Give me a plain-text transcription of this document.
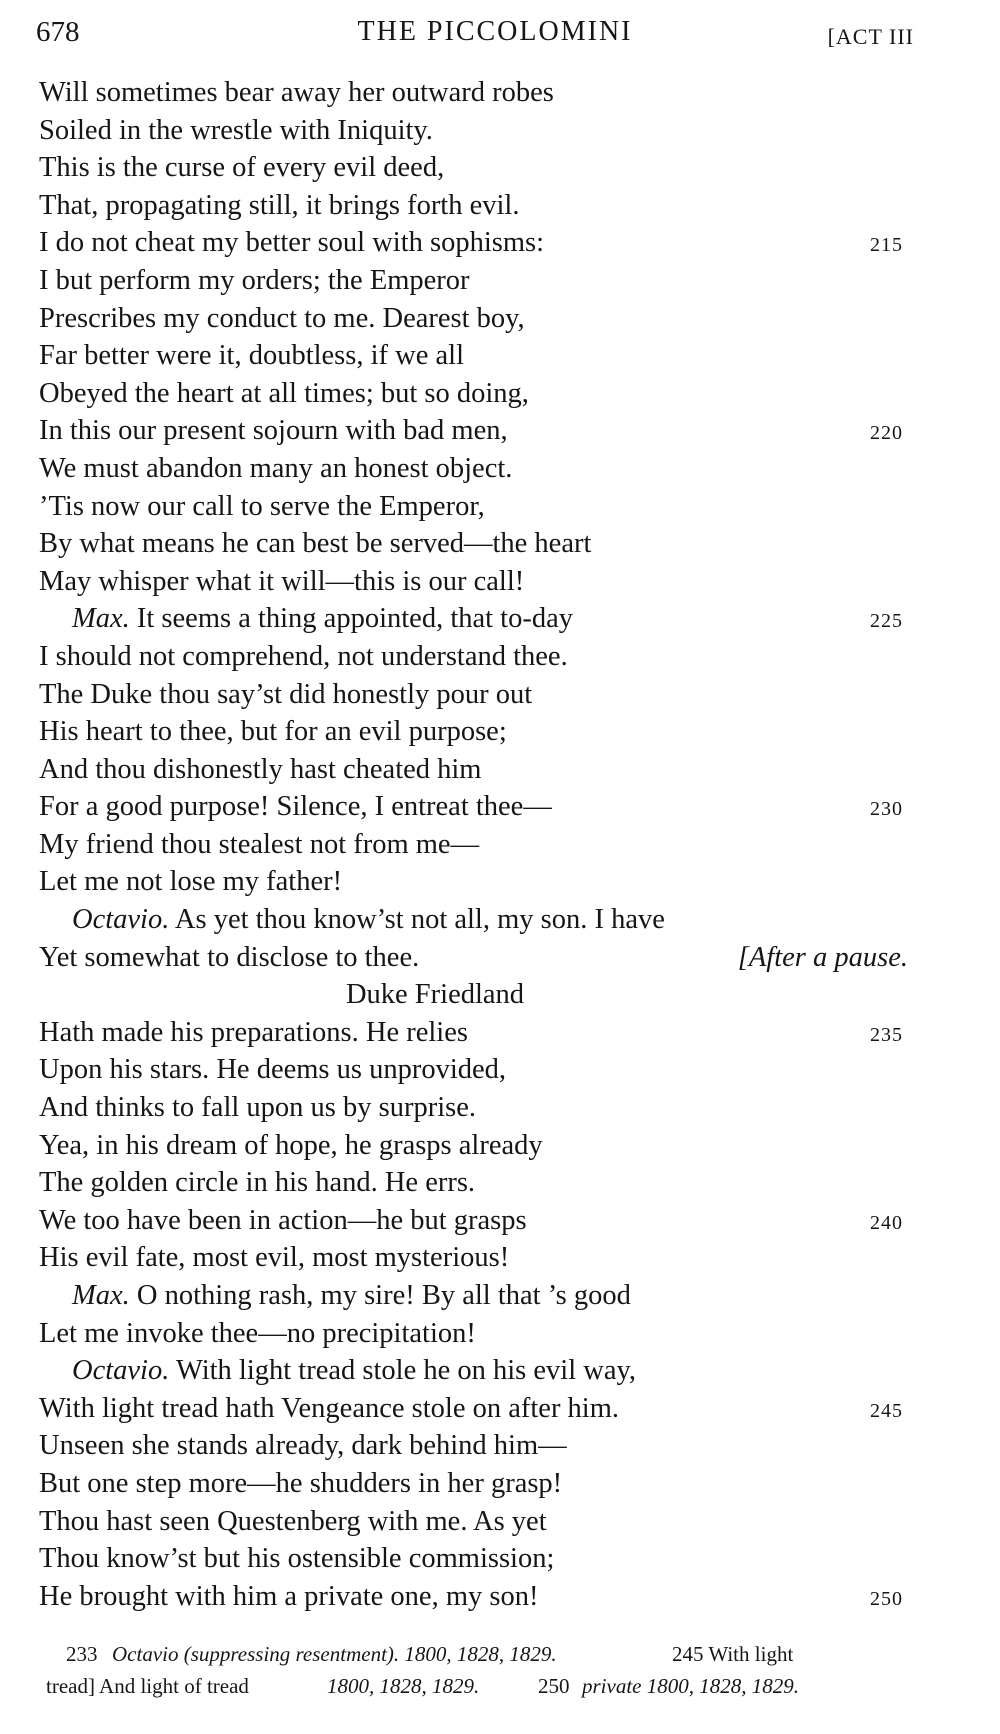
678	THE PICCOLOMINI	[ACT III
Will sometimes bear away her outward robes
Soiled in the wrestle with Iniquity.
This is the curse of every evil deed,
That, propagating still, it brings forth evil.
I do not cheat my better soul with sophisms:	215
I but perform my orders; the Emperor
Prescribes my conduct to me. Dearest boy,
Far better were it, doubtless, if we all
Obeyed the heart at all times; but so doing,
In this our present sojourn with bad men,	220
We must abandon many an honest object.
’Tis now our call to serve the Emperor,
By what means he can best be served—the heart
May whisper what it will—this is our call!
Max. It seems a thing appointed, that to-day	225
I should not comprehend, not understand thee.
The Duke thou say’st did honestly pour out
His heart to thee, but for an evil purpose;
And thou dishonestly hast cheated him
For a good purpose! Silence, I entreat thee—	230
My friend thou stealest not from me—
Let me not lose my father!
Octavio. As yet thou know’st not all, my son. I have
Yet somewhat to disclose to thee.	[After a pause.
Duke Friedland
Hath made his preparations. He relies	235
Upon his stars. He deems us unprovided,
And thinks to fall upon us by surprise.
Yea, in his dream of hope, he grasps already
The golden circle in his hand. He errs.
We too have been in action—he but grasps	240
His evil fate, most evil, most mysterious!
Max. O nothing rash, my sire! By all that ’s good
Let me invoke thee—no precipitation!
Octavio. With light tread stole he on his evil way,
With light tread hath Vengeance stole on after him.	245
Unseen she stands already, dark behind him—
But one step more—he shudders in her grasp!
Thou hast seen Questenberg with me. As yet
Thou know’st but his ostensible commission;
He brought with him a private one, my son!	250
233 Octavio (suppressing resentment). 1800, 1828, 1829.	245 With light
tread] And light of tread	1800, 1828, 1829.	250 private 1800, 1828, 1829.
